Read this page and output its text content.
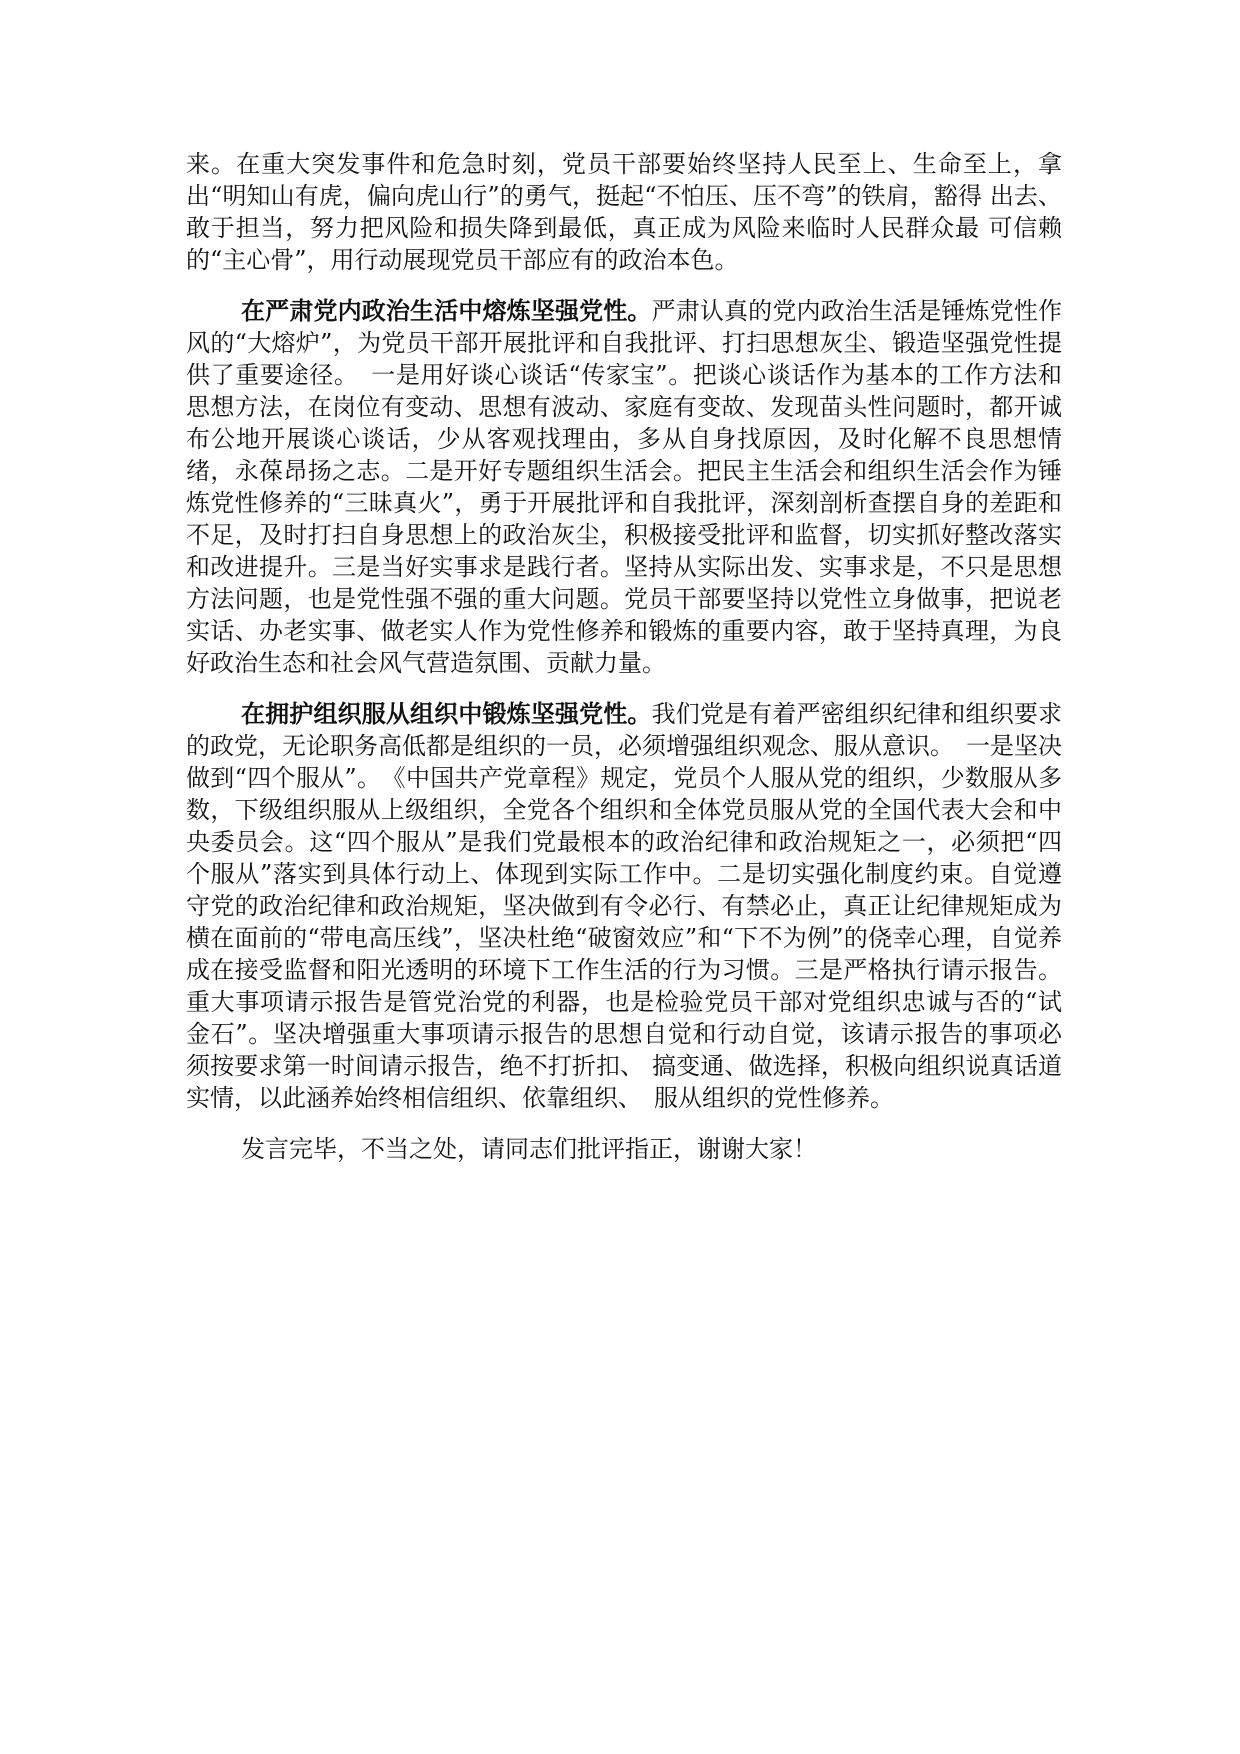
来。在重大突发事件和危急时刻，党员干部要始终坚持人民至上、生命至上，拿 出“明知山有虎，偏向虎山行”的勇气，挺起“不怕压、压不弯”的铁肩，豁得 出去、敢于担当，努力把风险和损失降到最低，真正成为风险来临时人民群众最 可信赖的“主心骨”，用行动展现党员干部应有的政治本色。

在严肃党内政治生活中熔炼坚强党性。严肃认真的党内政治生活是锤炼党性作风的“大熔炉”，为党员干部开展批评和自我批评、打扫思想灰尘、锻造坚强党性提供了重要途径。　一是用好谈心谈话“传家宝”。把谈心谈话作为基本的工作方法和思想方法，在岗位有变动、思想有波动、家庭有变故、发现苗头性问题时，都开诚布公地开展谈心谈话，少从客观找理由，多从自身找原因，及时化解不良思想情绪，永葆昂扬之志。二是开好专题组织生活会。把民主生活会和组织生活会作为锤炼党性修养的“三昧真火”，勇于开展批评和自我批评，深刻剖析查摆自身的差距和不足，及时打扫自身思想上的政治灰尘，积极接受批评和监督，切实抓好整改落实和改进提升。三是当好实事求是践行者。坚持从实际出发、实事求是，不只是思想方法问题，也是党性强不强的重大问题。党员干部要坚持以党性立身做事，把说老实话、办老实事、做老实人作为党性修养和锻炼的重要内容，敢于坚持真理，为良好政治生态和社会风气营造氛围、贡献力量。

在拥护组织服从组织中锻炼坚强党性。我们党是有着严密组织纪律和组织要求的政党，无论职务高低都是组织的一员，必须增强组织观念、服从意识。　一是坚决做到“四个服从”。　《中国共产党章程》规定，党员个人服从党的组织，少数服从多数，下级组织服从上级组织，全党各个组织和全体党员服从党的全国代表大会和中央委员会。这“四个服从”是我们党最根本的政治纪律和政治规矩之一，必须把“四个服从”落实到具体行动上、体现到实际工作中。二是切实强化制度约束。自觉遵守党的政治纪律和政治规矩，坚决做到有令必行、有禁必止，真正让纪律规矩成为横在面前的“带电高压线”，坚决杜绝“破窗效应”和“下不为例”的侥幸心理，自觉养成在接受监督和阳光透明的环境下工作生活的行为习惯。三是严格执行请示报告。重大事项请示报告是管党治党的利器，也是检验党员干部对党组织忠诚与否的“试金石”。坚决增强重大事项请示报告的思想自觉和行动自觉，该请示报告的事项必须按要求第一时间请示报告，绝不打折扣、 搞变通、做选择，积极向组织说真话道实情，以此涵养始终相信组织、依靠组织、　服从组织的党性修养。

发言完毕，不当之处，请同志们批评指正，谢谢大家！
